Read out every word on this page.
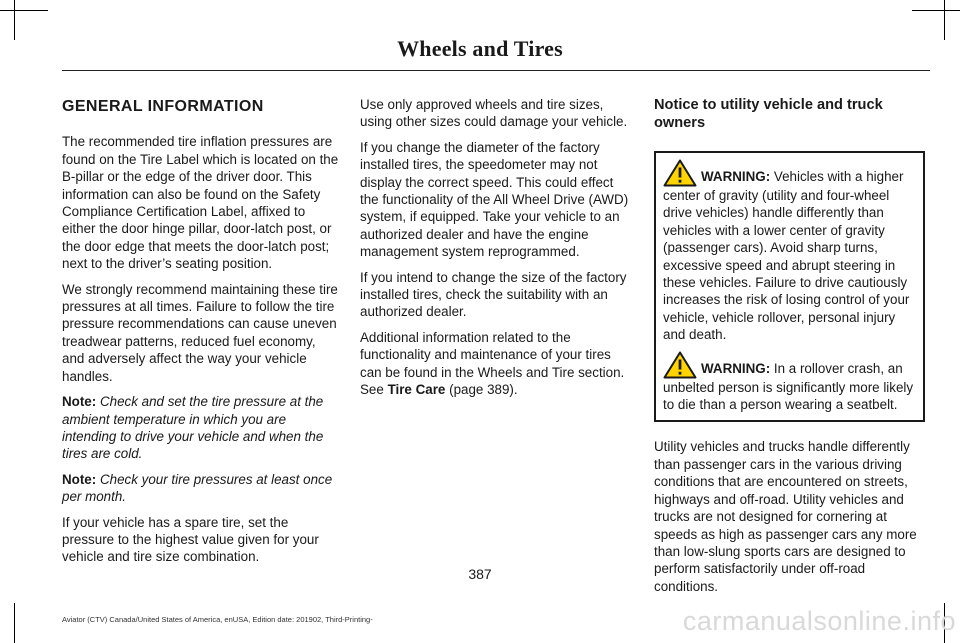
Wheels and Tires
GENERAL INFORMATION

The recommended tire inflation pressures are found on the Tire Label which is located on the B-pillar or the edge of the driver door. This information can also be found on the Safety Compliance Certification Label, affixed to either the door hinge pillar, door-latch post, or the door edge that meets the door-latch post; next to the driver’s seating position.

We strongly recommend maintaining these tire pressures at all times. Failure to follow the tire pressure recommendations can cause uneven treadwear patterns, reduced fuel economy, and adversely affect the way your vehicle handles.

Note: Check and set the tire pressure at the ambient temperature in which you are intending to drive your vehicle and when the tires are cold.

Note: Check your tire pressures at least once per month.

If your vehicle has a spare tire, set the pressure to the highest value given for your vehicle and tire size combination.

Use only approved wheels and tire sizes, using other sizes could damage your vehicle.

If you change the diameter of the factory installed tires, the speedometer may not display the correct speed. This could effect the functionality of the All Wheel Drive (AWD) system, if equipped. Take your vehicle to an authorized dealer and have the engine management system reprogrammed.

If you intend to change the size of the factory installed tires, check the suitability with an authorized dealer.

Additional information related to the functionality and maintenance of your tires can be found in the Wheels and Tire section. See Tire Care (page 389).

Notice to utility vehicle and truck owners

WARNING: Vehicles with a higher center of gravity (utility and four-wheel drive vehicles) handle differently than vehicles with a lower center of gravity (passenger cars). Avoid sharp turns, excessive speed and abrupt steering in these vehicles. Failure to drive cautiously increases the risk of losing control of your vehicle, vehicle rollover, personal injury and death.

WARNING: In a rollover crash, an unbelted person is significantly more likely to die than a person wearing a seatbelt.

Utility vehicles and trucks handle differently than passenger cars in the various driving conditions that are encountered on streets, highways and off-road. Utility vehicles and trucks are not designed for cornering at speeds as high as passenger cars any more than low-slung sports cars are designed to perform satisfactorily under off-road conditions.

387
Aviator (CTV) Canada/United States of America, enUSA, Edition date: 201902, Third-Printing-	carmanualsonline.info
